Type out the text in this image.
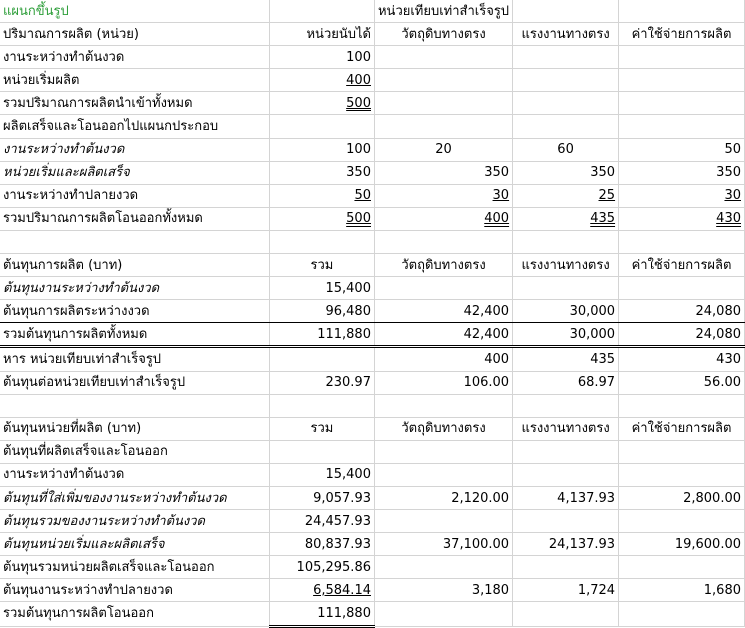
แผนกขึ้นรูป		หน่วยเทียบเท่าสำเร็จรูป		
ปริมาณการผลิต (หน่วย)	หน่วยนับได้	วัตถุดิบทางตรง	แรงงานทางตรง	ค่าใช้จ่ายการผลิต
งานระหว่างทำต้นงวด	100			
หน่วยเริ่มผลิต	400			
รวมปริมาณการผลิตนำเข้าทั้งหมด	500			
ผลิตเสร็จและโอนออกไปแผนกประกอบ				
งานระหว่างทำต้นงวด	100	20	60	50
หน่วยเริ่มและผลิตเสร็จ	350	350	350	350
งานระหว่างทำปลายงวด	50	30	25	30
รวมปริมาณการผลิตโอนออกทั้งหมด	500	400	435	430

ต้นทุนการผลิต (บาท)	รวม	วัตถุดิบทางตรง	แรงงานทางตรง	ค่าใช้จ่ายการผลิต
ต้นทุนงานระหว่างทำต้นงวด	15,400			
ต้นทุนการผลิตระหว่างงวด	96,480	42,400	30,000	24,080
รวมต้นทุนการผลิตทั้งหมด	111,880	42,400	30,000	24,080
หาร หน่วยเทียบเท่าสำเร็จรูป		400	435	430
ต้นทุนต่อหน่วยเทียบเท่าสำเร็จรูป	230.97	106.00	68.97	56.00

ต้นทุนหน่วยที่ผลิต (บาท)	รวม	วัตถุดิบทางตรง	แรงงานทางตรง	ค่าใช้จ่ายการผลิต
ต้นทุนที่ผลิตเสร็จและโอนออก				
งานระหว่างทำต้นงวด	15,400			
ต้นทุนที่ใส่เพิ่มของงานระหว่างทำต้นงวด	9,057.93	2,120.00	4,137.93	2,800.00
ต้นทุนรวมของงานระหว่างทำต้นงวด	24,457.93			
ต้นทุนหน่วยเริ่มและผลิตเสร็จ	80,837.93	37,100.00	24,137.93	19,600.00
ต้นทุนรวมหน่วยผลิตเสร็จและโอนออก	105,295.86			
ต้นทุนงานระหว่างทำปลายงวด	6,584.14	3,180	1,724	1,680
รวมต้นทุนการผลิตโอนออก	111,880			
